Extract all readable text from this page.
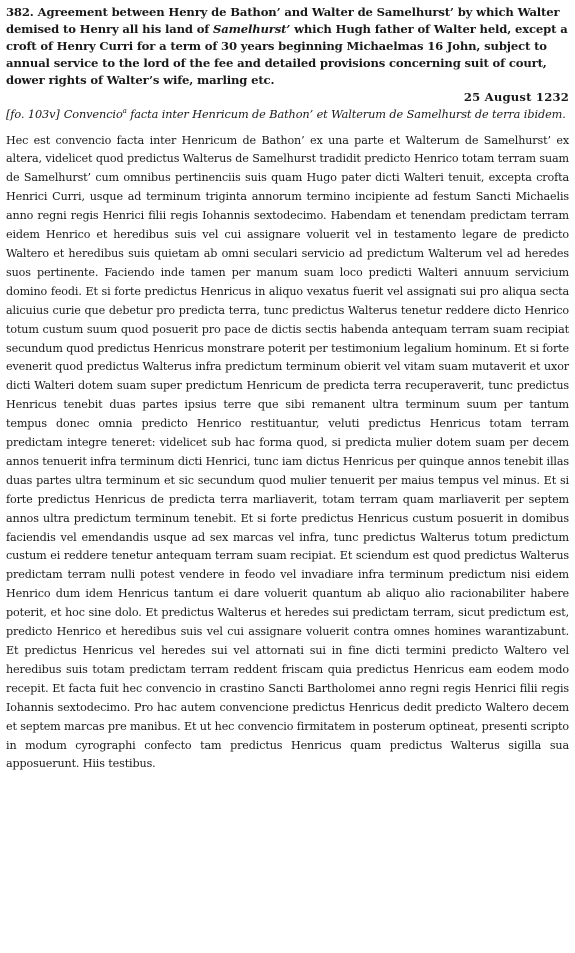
382. Agreement between Henry de Bathon’ and Walter de Samelhurst’ by which Walter demised to Henry all his land of Samelhurst’ which Hugh father of Walter held, except a croft of Henry Curri for a term of 30 years beginning Michaelmas 16 John, subject to annual service to the lord of the fee and detailed provisions concerning suit of court, dower rights of Walter’s wife, marling etc.
25 August 1232
[fo. 103v] Convencio$^a$ facta inter Henricum de Bathon’ et Walterum de Samelhurst de terra ibidem.
Hec est convencio facta inter Henricum de Bathon’ ex una parte et Walterum de Samelhurst’ ex altera, videlicet quod predictus Walterus de Samelhurst tradidit predicto Henrico totam terram suam de Samelhurst’ cum omnibus pertinenciis suis quam Hugo pater dicti Walteri tenuit, excepta crofta Henrici Curri, usque ad terminum triginta annorum termino incipiente ad festum Sancti Michaelis anno regni regis Henrici filii regis Iohannis sextodecimo. Habendam et tenendam predictam terram eidem Henrico et heredibus suis vel cui assignare voluerit vel in testamento legare de predicto Waltero et heredibus suis quietam ab omni seculari servicio ad predictum Walterum vel ad heredes suos pertinente. Faciendo inde tamen per manum suam loco predicti Walteri annuum servicium domino feodi. Et si forte predictus Henricus in aliquo vexatus fuerit vel assignati sui pro aliqua secta alicuius curie que debetur pro predicta terra, tunc predictus Walterus tenetur reddere dicto Henrico totum custum suum quod posuerit pro pace de dictis sectis habenda antequam terram suam recipiat secundum quod predictus Henricus monstrare poterit per testimonium legalium hominum. Et si forte evenerit quod predictus Walterus infra predictum terminum obierit vel vitam suam mutaverit et uxor dicti Walteri dotem suam super predictum Henricum de predicta terra recuperaverit, tunc predictus Henricus tenebit duas partes ipsius terre que sibi remanent ultra terminum suum per tantum tempus donec omnia predicto Henrico restituantur, veluti predictus Henricus totam terram predictam integre teneret: videlicet sub hac forma quod, si predicta mulier dotem suam per decem annos tenuerit infra terminum dicti Henrici, tunc iam dictus Henricus per quinque annos tenebit illas duas partes ultra terminum et sic secundum quod mulier tenuerit per maius tempus vel minus. Et si forte predictus Henricus de predicta terra marliaverit, totam terram quam marliaverit per septem annos ultra predictum terminum tenebit. Et si forte predictus Henricus custum posuerit in domibus faciendis vel emendandis usque ad sex marcas vel infra, tunc predictus Walterus totum predictum custum ei reddere tenetur antequam terram suam recipiat. Et sciendum est quod predictus Walterus predictam terram nulli potest vendere in feodo vel invadiare infra terminum predictum nisi eidem Henrico dum idem Henricus tantum ei dare voluerit quantum ab aliquo alio racionabiliter habere poterit, et hoc sine dolo. Et predictus Walterus et heredes sui predictam terram, sicut predictum est, predicto Henrico et heredibus suis vel cui assignare voluerit contra omnes homines warantizabunt. Et predictus Henricus vel heredes sui vel attornati sui in fine dicti termini predicto Waltero vel heredibus suis totam predictam terram reddent friscam quia predictus Henricus eam eodem modo recepit. Et facta fuit hec convencio in crastino Sancti Bartholomei anno regni regis Henrici filii regis Iohannis sextodecimo. Pro hac autem convencione predictus Henricus dedit predicto Waltero decem et septem marcas pre manibus. Et ut hec convencio firmitatem in posterum optineat, presenti scripto in modum cyrographi confecto tam predictus Henricus quam predictus Walterus sigilla sua apposuerunt. Hiis testibus.
